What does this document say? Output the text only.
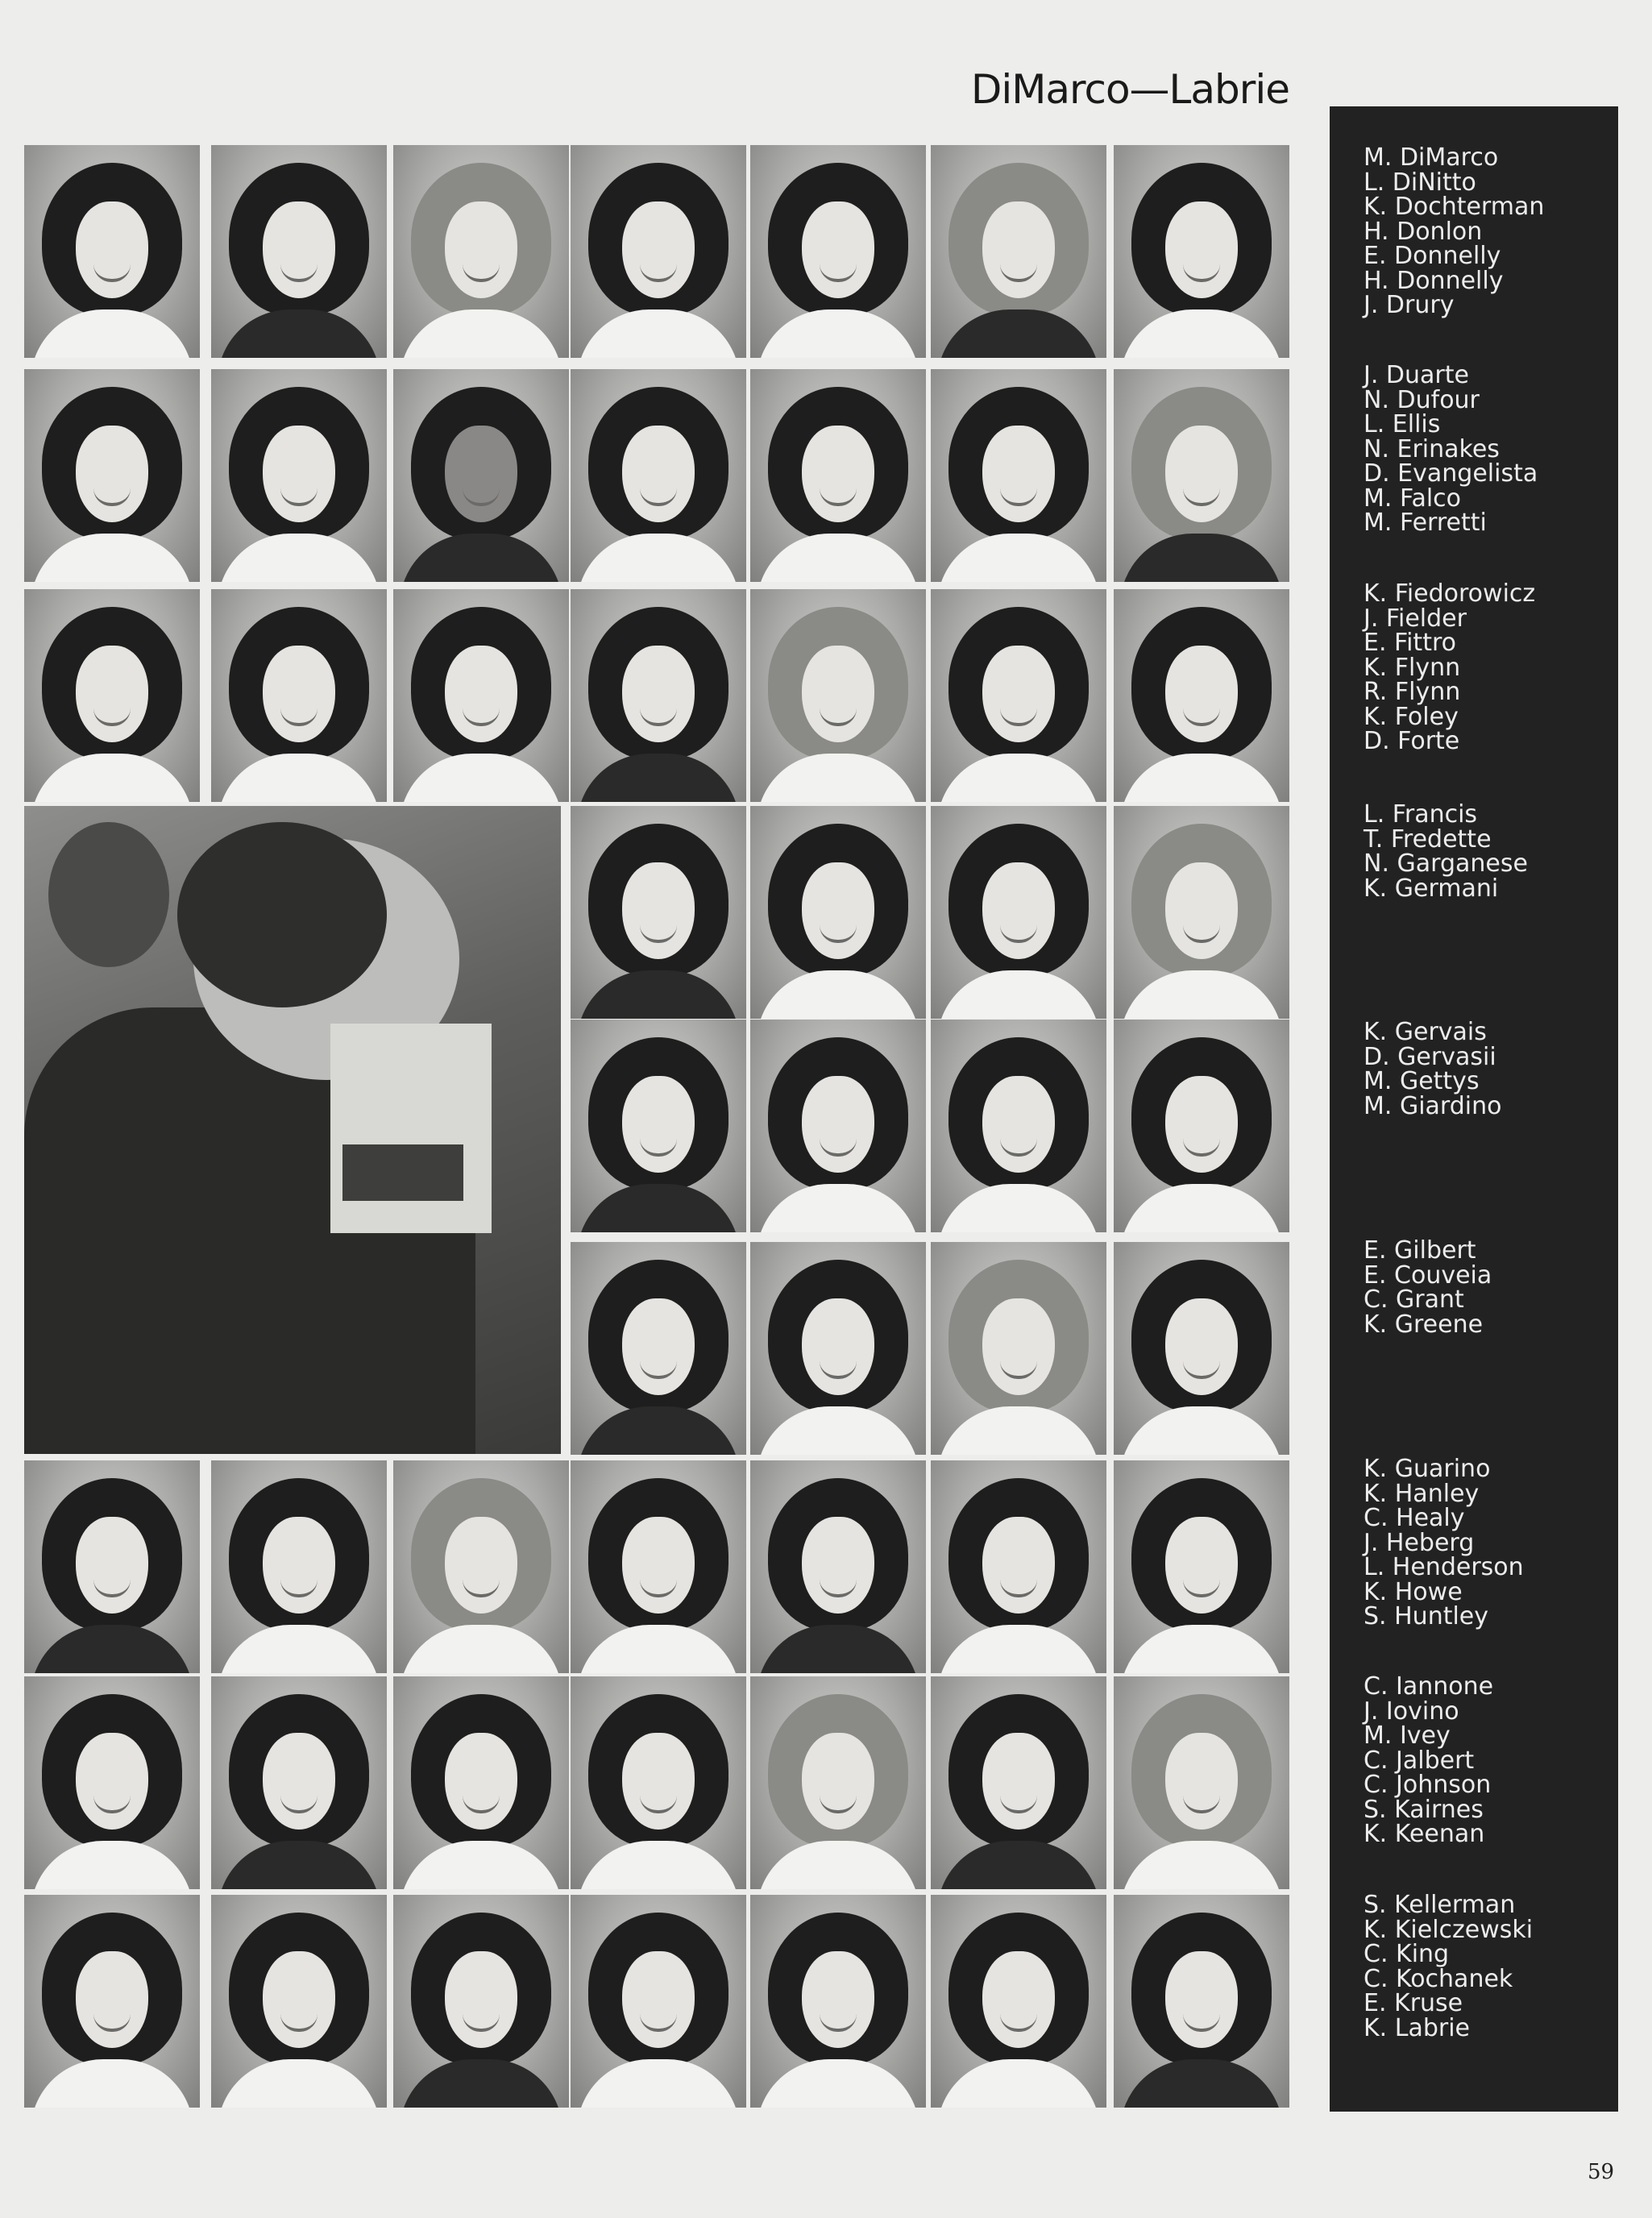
DiMarco—Labrie
M. DiMarco
L. DiNitto
K. Dochterman
H. Donlon
E. Donnelly
H. Donnelly
J. Drury
J. Duarte
N. Dufour
L. Ellis
N. Erinakes
D. Evangelista
M. Falco
M. Ferretti
K. Fiedorowicz
J. Fielder
E. Fittro
K. Flynn
R. Flynn
K. Foley
D. Forte
L. Francis
T. Fredette
N. Garganese
K. Germani
K. Gervais
D. Gervasii
M. Gettys
M. Giardino
E. Gilbert
E. Couveia
C. Grant
K. Greene
K. Guarino
K. Hanley
C. Healy
J. Heberg
L. Henderson
K. Howe
S. Huntley
C. Iannone
J. Iovino
M. Ivey
C. Jalbert
C. Johnson
S. Kairnes
K. Keenan
S. Kellerman
K. Kielczewski
C. King
C. Kochanek
E. Kruse
K. Labrie
59
